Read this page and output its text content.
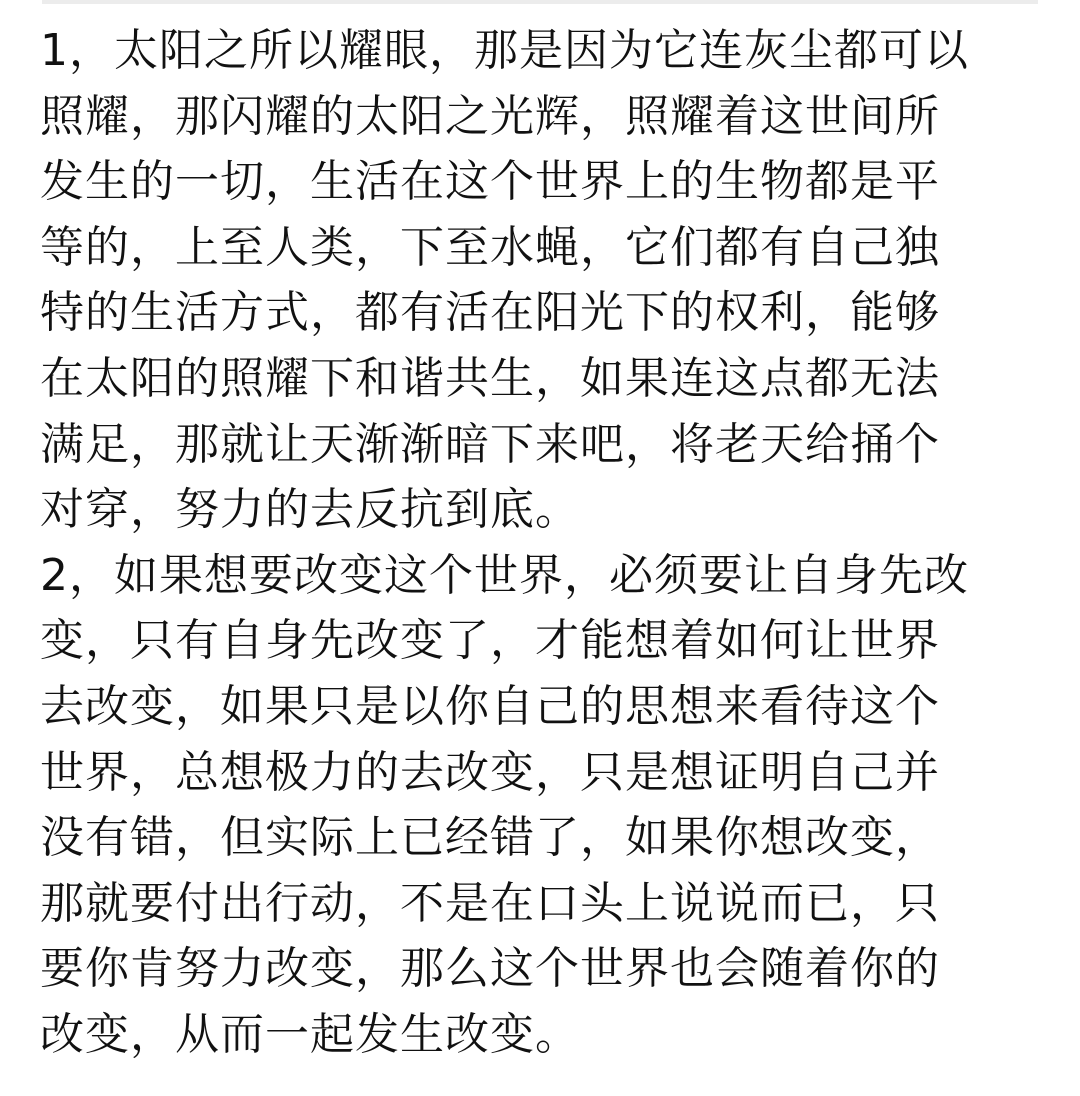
1，太阳之所以耀眼，那是因为它连灰尘都可以
照耀，那闪耀的太阳之光辉，照耀着这世间所
发生的一切，生活在这个世界上的生物都是平
等的，上至人类，下至水蝇，它们都有自己独
特的生活方式，都有活在阳光下的权利，能够
在太阳的照耀下和谐共生，如果连这点都无法
满足，那就让天渐渐暗下来吧，将老天给捅个
对穿，努力的去反抗到底。

2，如果想要改变这个世界，必须要让自身先改
变，只有自身先改变了，才能想着如何让世界
去改变，如果只是以你自己的思想来看待这个
世界，总想极力的去改变，只是想证明自己并
没有错，但实际上已经错了，如果你想改变，
那就要付出行动，不是在口头上说说而已，只
要你肯努力改变，那么这个世界也会随着你的
改变，从而一起发生改变。
